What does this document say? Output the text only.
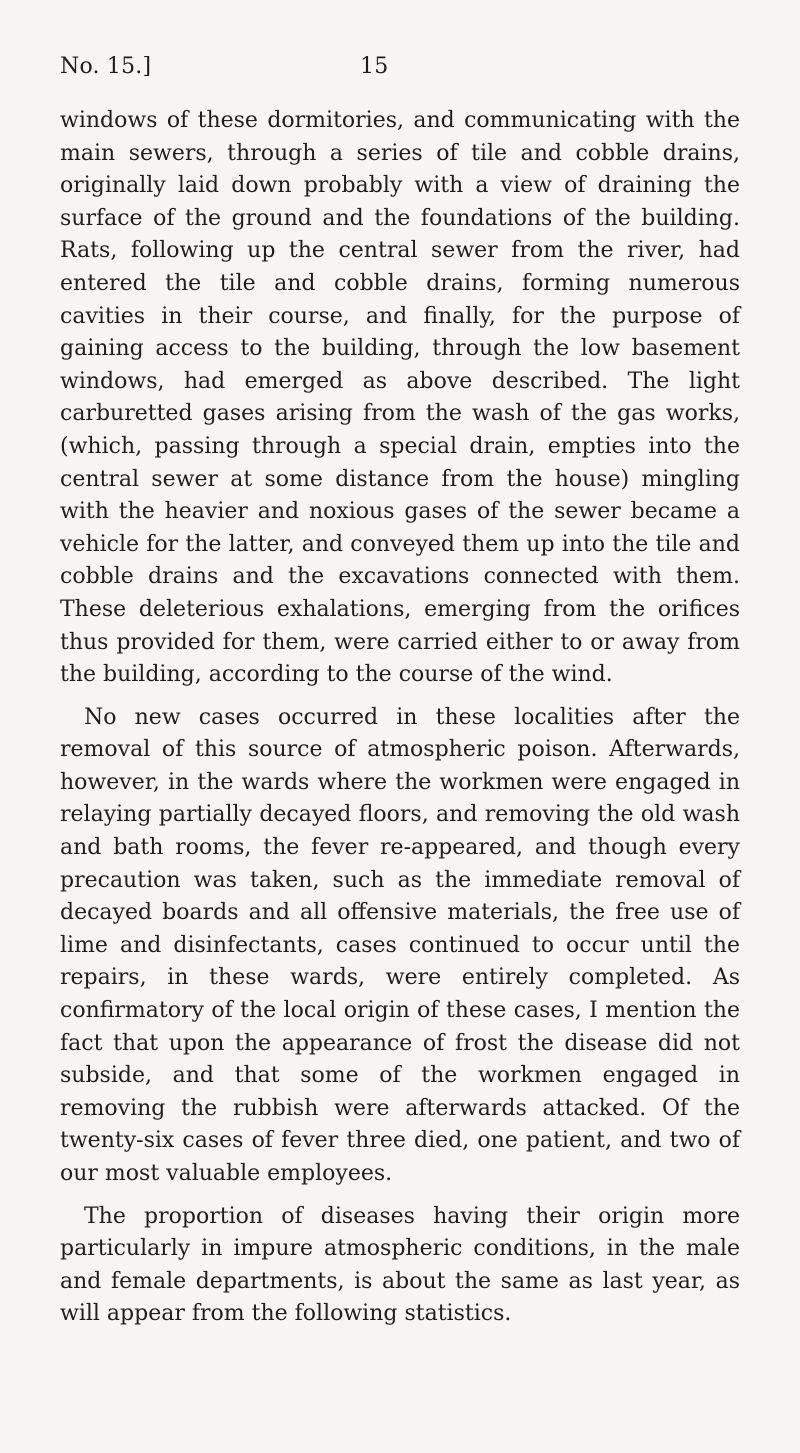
No. 15.]	15

windows of these dormitories, and communicating with the main sewers, through a series of tile and cobble drains, originally laid down probably with a view of draining the surface of the ground and the foundations of the building. Rats, following up the central sewer from the river, had entered the tile and cobble drains, forming numerous cavities in their course, and finally, for the purpose of gaining access to the building, through the low basement windows, had emerged as above described. The light carburetted gases arising from the wash of the gas works, (which, passing through a special drain, empties into the central sewer at some distance from the house) mingling with the heavier and noxious gases of the sewer became a vehicle for the latter, and conveyed them up into the tile and cobble drains and the excavations connected with them. These deleterious exhalations, emerging from the orifices thus provided for them, were carried either to or away from the building, according to the course of the wind.

No new cases occurred in these localities after the removal of this source of atmospheric poison. Afterwards, however, in the wards where the workmen were engaged in relaying partially decayed floors, and removing the old wash and bath rooms, the fever re-appeared, and though every precaution was taken, such as the immediate removal of decayed boards and all offensive materials, the free use of lime and disinfectants, cases continued to occur until the repairs, in these wards, were entirely completed. As confirmatory of the local origin of these cases, I mention the fact that upon the appearance of frost the disease did not subside, and that some of the workmen engaged in removing the rubbish were afterwards attacked. Of the twenty-six cases of fever three died, one patient, and two of our most valuable employees.

The proportion of diseases having their origin more particularly in impure atmospheric conditions, in the male and female departments, is about the same as last year, as will appear from the following statistics.
